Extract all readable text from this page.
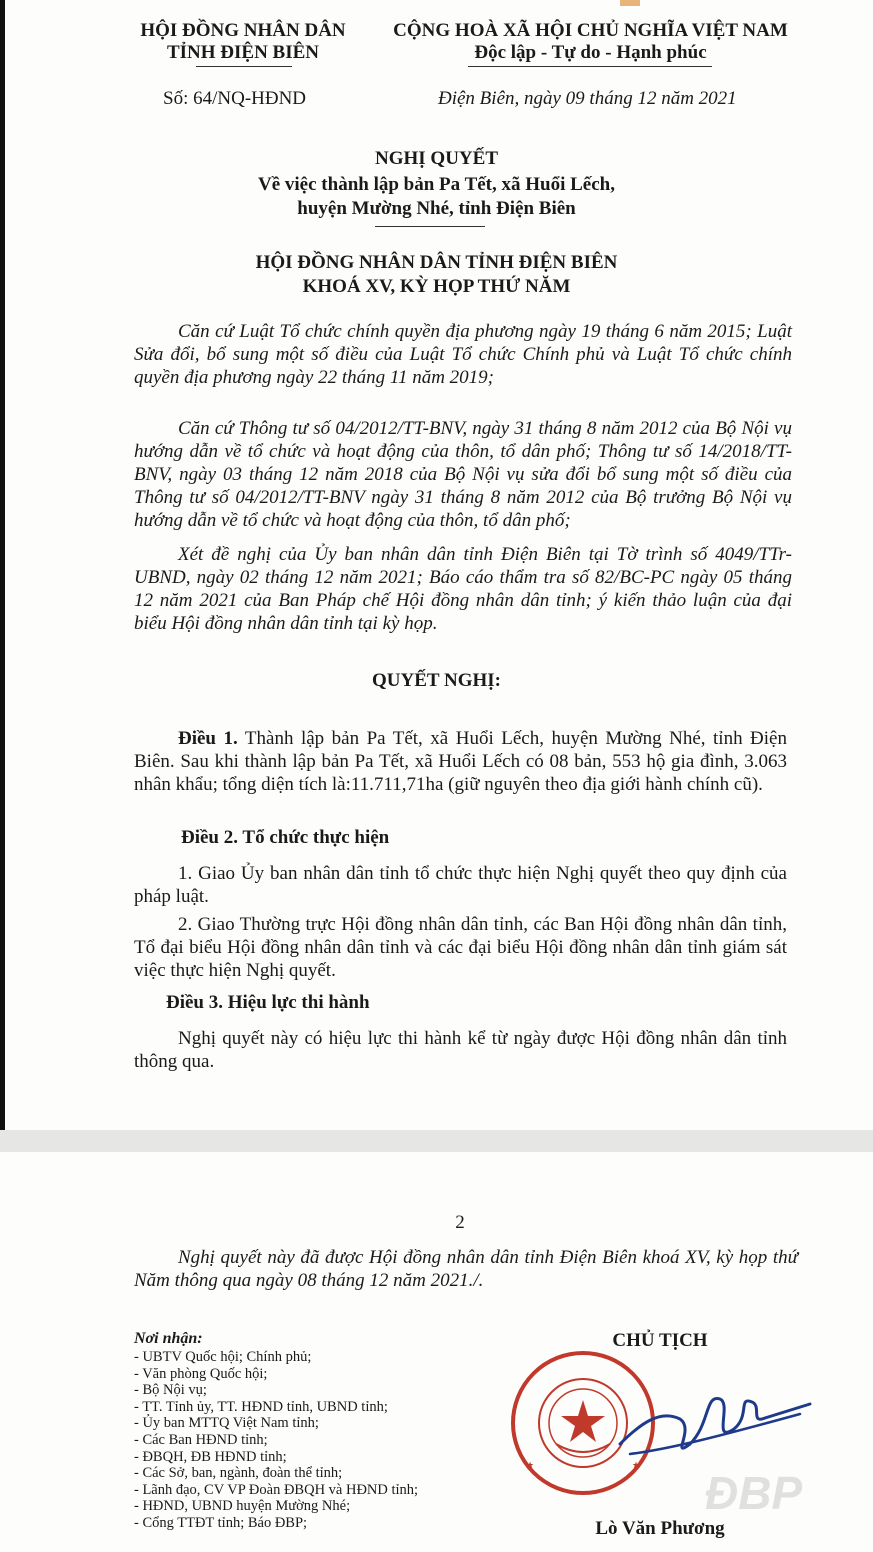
HỘI ĐỒNG NHÂN DÂN
TỈNH ĐIỆN BIÊN
CỘNG HOÀ XÃ HỘI CHỦ NGHĨA VIỆT NAM
Độc lập - Tự do - Hạnh phúc
Số: 64/NQ-HĐND	Điện Biên, ngày 09 tháng 12 năm 2021
NGHỊ QUYẾT
Về việc thành lập bản Pa Tết, xã Huổi Lếch,
huyện Mường Nhé, tỉnh Điện Biên
HỘI ĐỒNG NHÂN DÂN TỈNH ĐIỆN BIÊN
KHOÁ XV, KỲ HỌP THỨ NĂM
Căn cứ Luật Tổ chức chính quyền địa phương ngày 19 tháng 6 năm 2015; Luật Sửa đổi, bổ sung một số điều của Luật Tổ chức Chính phủ và Luật Tổ chức chính quyền địa phương ngày 22 tháng 11 năm 2019;
Căn cứ Thông tư số 04/2012/TT-BNV, ngày 31 tháng 8 năm 2012 của Bộ Nội vụ hướng dẫn về tổ chức và hoạt động của thôn, tổ dân phố; Thông tư số 14/2018/TT-BNV, ngày 03 tháng 12 năm 2018 của Bộ Nội vụ sửa đổi bổ sung một số điều của Thông tư số 04/2012/TT-BNV ngày 31 tháng 8 năm 2012 của Bộ trưởng Bộ Nội vụ hướng dẫn về tổ chức và hoạt động của thôn, tổ dân phố;
Xét đề nghị của Ủy ban nhân dân tỉnh Điện Biên tại Tờ trình số 4049/TTr-UBND, ngày 02 tháng 12 năm 2021; Báo cáo thẩm tra số 82/BC-PC ngày 05 tháng 12 năm 2021 của Ban Pháp chế Hội đồng nhân dân tỉnh; ý kiến thảo luận của đại biểu Hội đồng nhân dân tỉnh tại kỳ họp.
QUYẾT NGHỊ:
Điều 1. Thành lập bản Pa Tết, xã Huổi Lếch, huyện Mường Nhé, tỉnh Điện Biên. Sau khi thành lập bản Pa Tết, xã Huổi Lếch có 08 bản, 553 hộ gia đình, 3.063 nhân khẩu; tổng diện tích là:11.711,71ha (giữ nguyên theo địa giới hành chính cũ).
Điều 2. Tổ chức thực hiện
1. Giao Ủy ban nhân dân tỉnh tổ chức thực hiện Nghị quyết theo quy định của pháp luật.
2. Giao Thường trực Hội đồng nhân dân tỉnh, các Ban Hội đồng nhân dân tỉnh, Tổ đại biểu Hội đồng nhân dân tỉnh và các đại biểu Hội đồng nhân dân tỉnh giám sát việc thực hiện Nghị quyết.
Điều 3. Hiệu lực thi hành
Nghị quyết này có hiệu lực thi hành kể từ ngày được Hội đồng nhân dân tỉnh thông qua.
2
Nghị quyết này đã được Hội đồng nhân dân tỉnh Điện Biên khoá XV, kỳ họp thứ Năm thông qua ngày 08 tháng 12 năm 2021./.
Nơi nhận:
- UBTV Quốc hội; Chính phủ;
- Văn phòng Quốc hội;
- Bộ Nội vụ;
- TT. Tỉnh ủy, TT. HĐND tỉnh, UBND tỉnh;
- Ủy ban MTTQ Việt Nam tỉnh;
- Các Ban HĐND tỉnh;
- ĐBQH, ĐB HĐND tỉnh;
- Các Sở, ban, ngành, đoàn thể tỉnh;
- Lãnh đạo, CV VP Đoàn ĐBQH và HĐND tỉnh;
- HĐND, UBND huyện Mường Nhé;
- Cổng TTĐT tỉnh; Báo ĐBP;
CHỦ TỊCH
★	★
ĐBP
Lò Văn Phương
